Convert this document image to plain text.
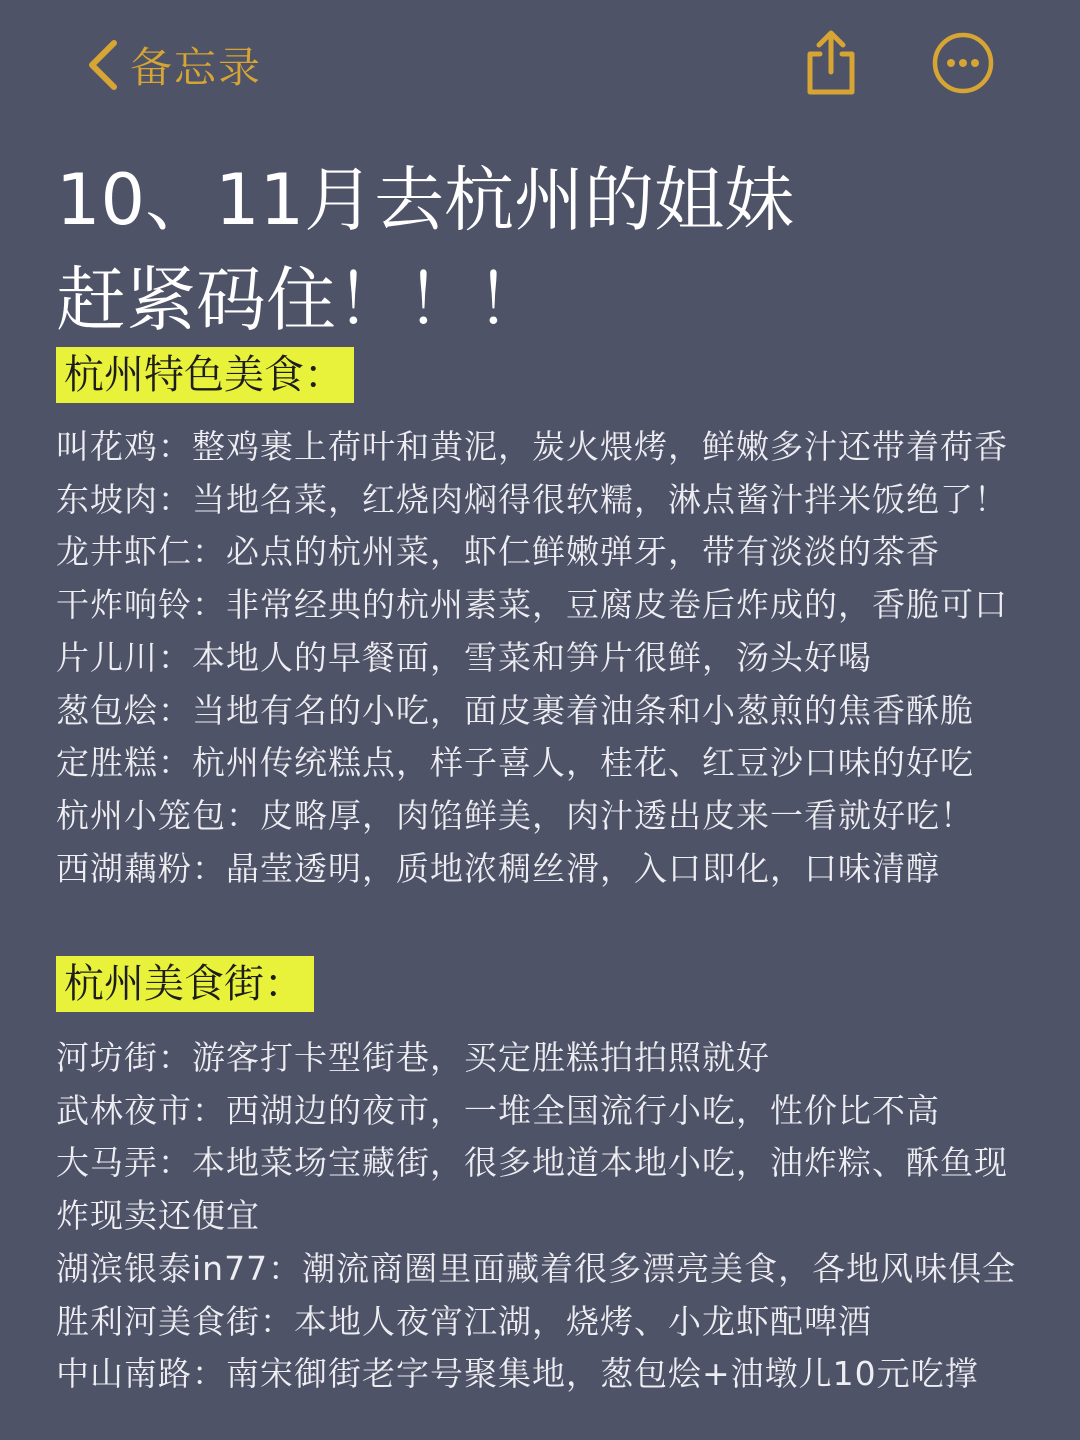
备忘录
10、11月去杭州的姐妹
赶紧码住！！！
杭州特色美食：
叫花鸡：整鸡裹上荷叶和黄泥，炭火煨烤，鲜嫩多汁还带着荷香
东坡肉：当地名菜，红烧肉焖得很软糯，淋点酱汁拌米饭绝了！
龙井虾仁：必点的杭州菜，虾仁鲜嫩弹牙，带有淡淡的茶香
干炸响铃：非常经典的杭州素菜，豆腐皮卷后炸成的，香脆可口
片儿川：本地人的早餐面，雪菜和笋片很鲜，汤头好喝
葱包烩：当地有名的小吃，面皮裹着油条和小葱煎的焦香酥脆
定胜糕：杭州传统糕点，样子喜人，桂花、红豆沙口味的好吃
杭州小笼包：皮略厚，肉馅鲜美，肉汁透出皮来一看就好吃！
西湖藕粉：晶莹透明，质地浓稠丝滑，入口即化，口味清醇
杭州美食街：
河坊街：游客打卡型街巷，买定胜糕拍拍照就好
武林夜市：西湖边的夜市，一堆全国流行小吃，性价比不高
大马弄：本地菜场宝藏街，很多地道本地小吃，油炸粽、酥鱼现炸现卖还便宜
湖滨银泰in77：潮流商圈里面藏着很多漂亮美食，各地风味俱全
胜利河美食街：本地人夜宵江湖，烧烤、小龙虾配啤酒
中山南路：南宋御街老字号聚集地，葱包烩+油墩儿10元吃撑
